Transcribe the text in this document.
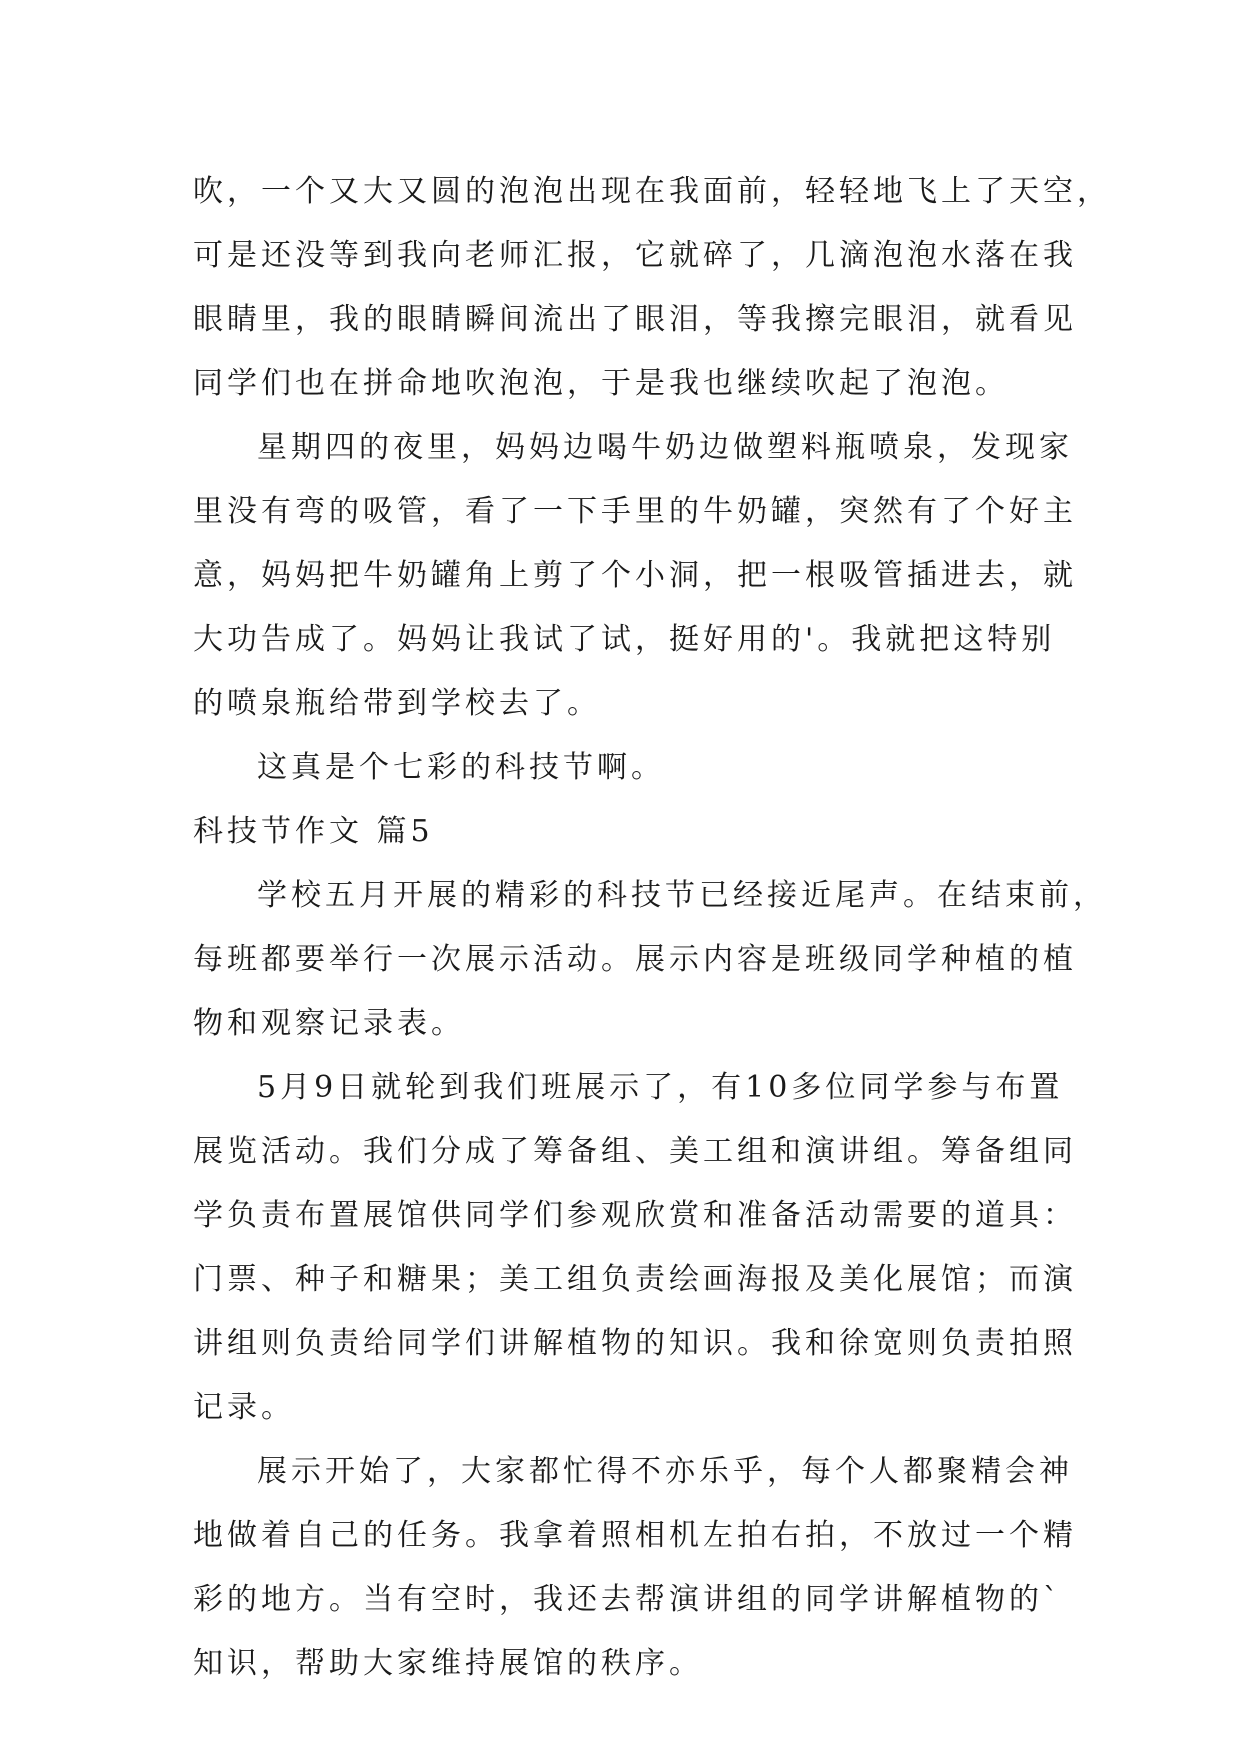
吹，一个又大又圆的泡泡出现在我面前，轻轻地飞上了天空，
可是还没等到我向老师汇报，它就碎了，几滴泡泡水落在我
眼睛里，我的眼睛瞬间流出了眼泪，等我擦完眼泪，就看见
同学们也在拼命地吹泡泡，于是我也继续吹起了泡泡。
星期四的夜里，妈妈边喝牛奶边做塑料瓶喷泉，发现家
里没有弯的吸管，看了一下手里的牛奶罐，突然有了个好主
意，妈妈把牛奶罐角上剪了个小洞，把一根吸管插进去，就
大功告成了。妈妈让我试了试，挺好用的'。我就把这特别
的喷泉瓶给带到学校去了。
这真是个七彩的科技节啊。
科技节作文 篇5
学校五月开展的精彩的科技节已经接近尾声。在结束前，
每班都要举行一次展示活动。展示内容是班级同学种植的植
物和观察记录表。
5月9日就轮到我们班展示了，有10多位同学参与布置
展览活动。我们分成了筹备组、美工组和演讲组。筹备组同
学负责布置展馆供同学们参观欣赏和准备活动需要的道具：
门票、种子和糖果；美工组负责绘画海报及美化展馆；而演
讲组则负责给同学们讲解植物的知识。我和徐宽则负责拍照
记录。
展示开始了，大家都忙得不亦乐乎，每个人都聚精会神
地做着自己的任务。我拿着照相机左拍右拍，不放过一个精
彩的地方。当有空时，我还去帮演讲组的同学讲解植物的`
知识，帮助大家维持展馆的秩序。
